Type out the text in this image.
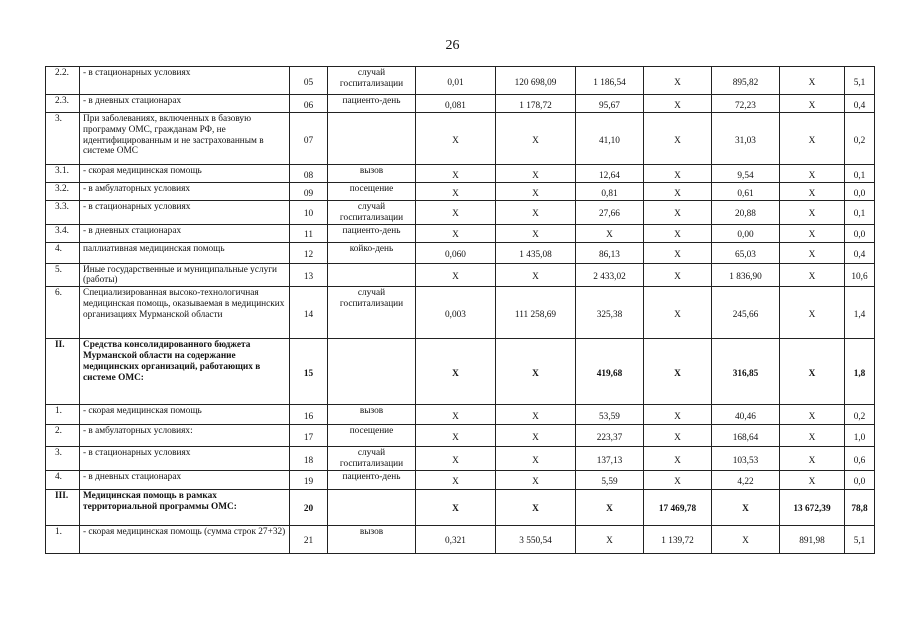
26
2.2.	- в стационарных условиях	05	случай госпитализации	0,01	120 698,09	1 186,54	Х	895,82	Х	5,1
2.3.	- в дневных стационарах	06	пациенто-день	0,081	1 178,72	95,67	Х	72,23	Х	0,4
3.	При заболеваниях, включенных в базовую программу ОМС, гражданам РФ, не идентифицированным и не застрахованным в системе ОМС	07		Х	Х	41,10	Х	31,03	Х	0,2
3.1.	- скорая медицинская помощь	08	вызов	Х	Х	12,64	Х	9,54	Х	0,1
3.2.	- в амбулаторных условиях	09	посещение	Х	Х	0,81	Х	0,61	Х	0,0
3.3.	- в стационарных условиях	10	случай госпитализации	Х	Х	27,66	Х	20,88	Х	0,1
3.4.	- в дневных стационарах	11	пациенто-день	Х	Х	Х	Х	0,00	Х	0,0
4.	паллиативная медицинская помощь	12	койко-день	0,060	1 435,08	86,13	Х	65,03	Х	0,4
5.	Иные государственные и муниципальные услуги (работы)	13		Х	Х	2 433,02	Х	1 836,90	Х	10,6
6.	Специализированная высоко-технологичная медицинская помощь, оказываемая в медицинских организациях Мурманской области	14	случай госпитализации	0,003	111 258,69	325,38	Х	245,66	Х	1,4
II.	Средства консолидированного бюджета Мурманской области на содержание медицинских организаций, работающих в системе ОМС:	15		Х	Х	419,68	Х	316,85	Х	1,8
1.	- скорая медицинская помощь	16	вызов	Х	Х	53,59	Х	40,46	Х	0,2
2.	- в амбулаторных условиях:	17	посещение	Х	Х	223,37	Х	168,64	Х	1,0
3.	- в стационарных условиях	18	случай госпитализации	Х	Х	137,13	Х	103,53	Х	0,6
4.	- в дневных стационарах	19	пациенто-день	Х	Х	5,59	Х	4,22	Х	0,0
III.	Медицинская помощь в рамках территориальной программы ОМС:	20		Х	Х	Х	17 469,78	Х	13 672,39	78,8
1.	- скорая медицинская помощь (сумма строк 27+32)	21	вызов	0,321	3 550,54	Х	1 139,72	Х	891,98	5,1
